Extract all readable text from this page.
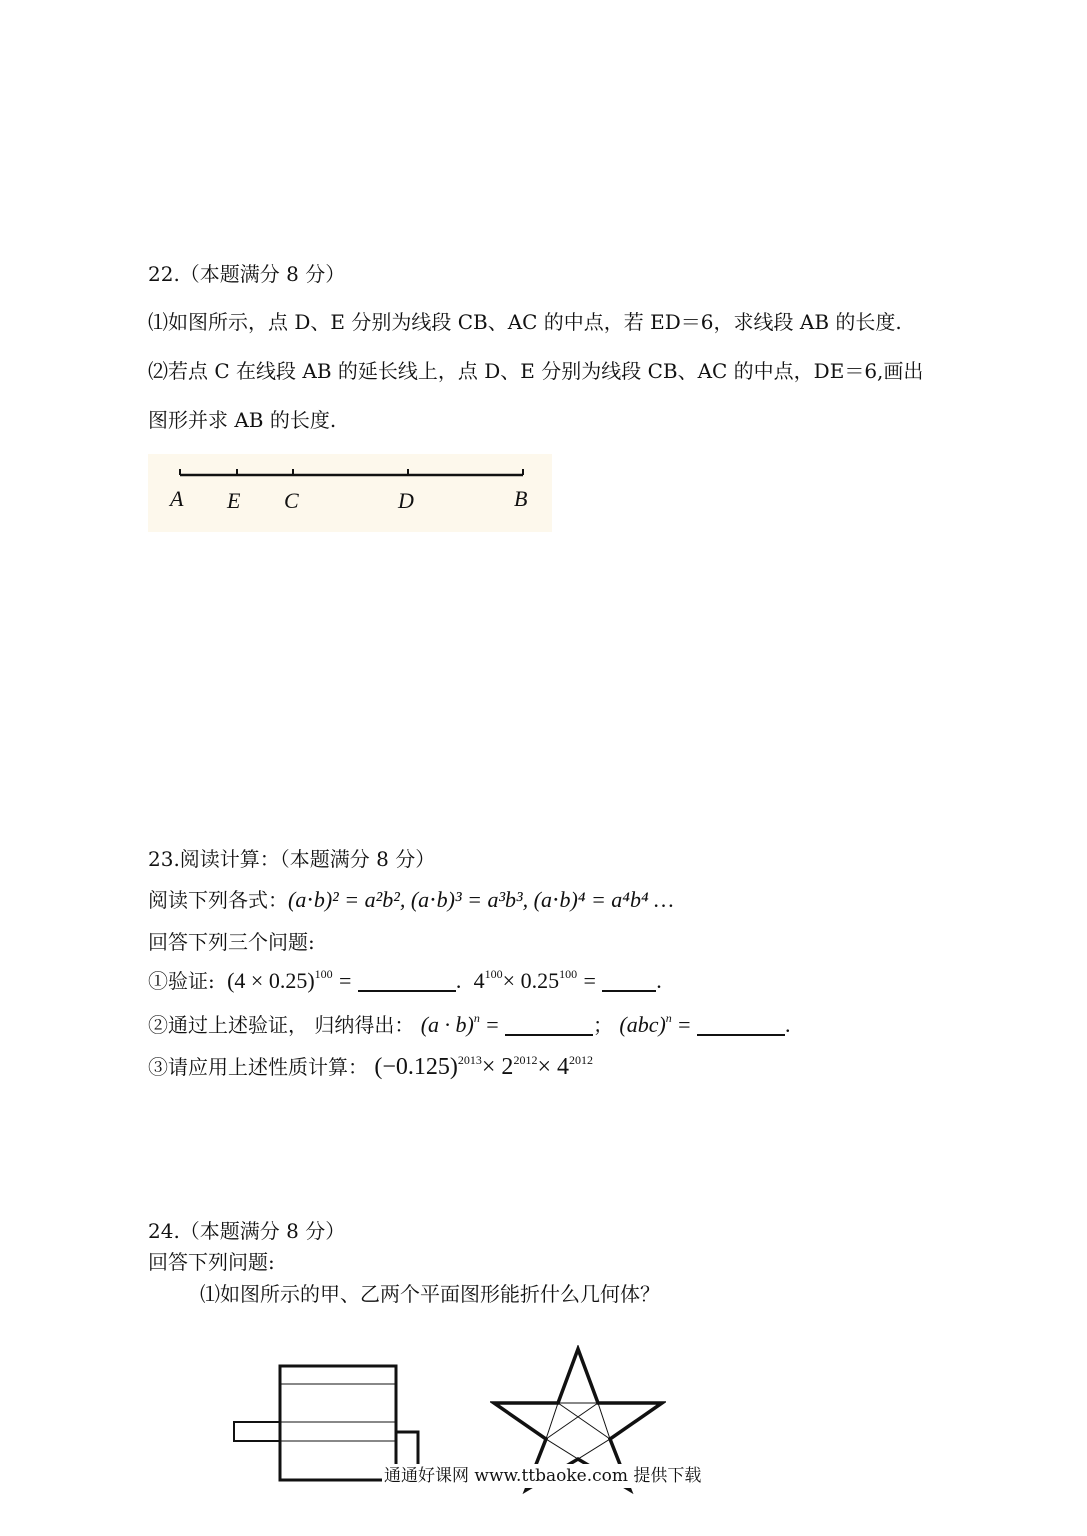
22.（本题满分 8 分）
⑴如图所示，点 D、E 分别为线段 CB、AC 的中点，若 ED＝6，求线段 AB 的长度.
⑵若点 C 在线段 AB 的延长线上，点 D、E 分别为线段 CB、AC 的中点，DE＝6,画出
图形并求 AB 的长度.
A E C	D	B
23.阅读计算：（本题满分 8 分）
阅读下列各式：(a⋅b)² = a²b², (a⋅b)³ = a³b³, (a⋅b)⁴ = a⁴b⁴ …
回答下列三个问题:
①验证: $(4 \times 0.25)^{100}$ =	. $4^{100}\times 0.25^{100}$ =	.
②通过上述验证， 归纳得出： $(a \cdot b)^n$ =	； (abc)$^n$ =	.
③请应用上述性质计算： $(-0.125)^{2013}\times 2^{2012}\times 4^{2012}$
24.（本题满分 8 分）
回答下列问题:
⑴如图所示的甲、乙两个平面图形能折什么几何体？
通通好课网 www.ttbaoke.com 提供下载
